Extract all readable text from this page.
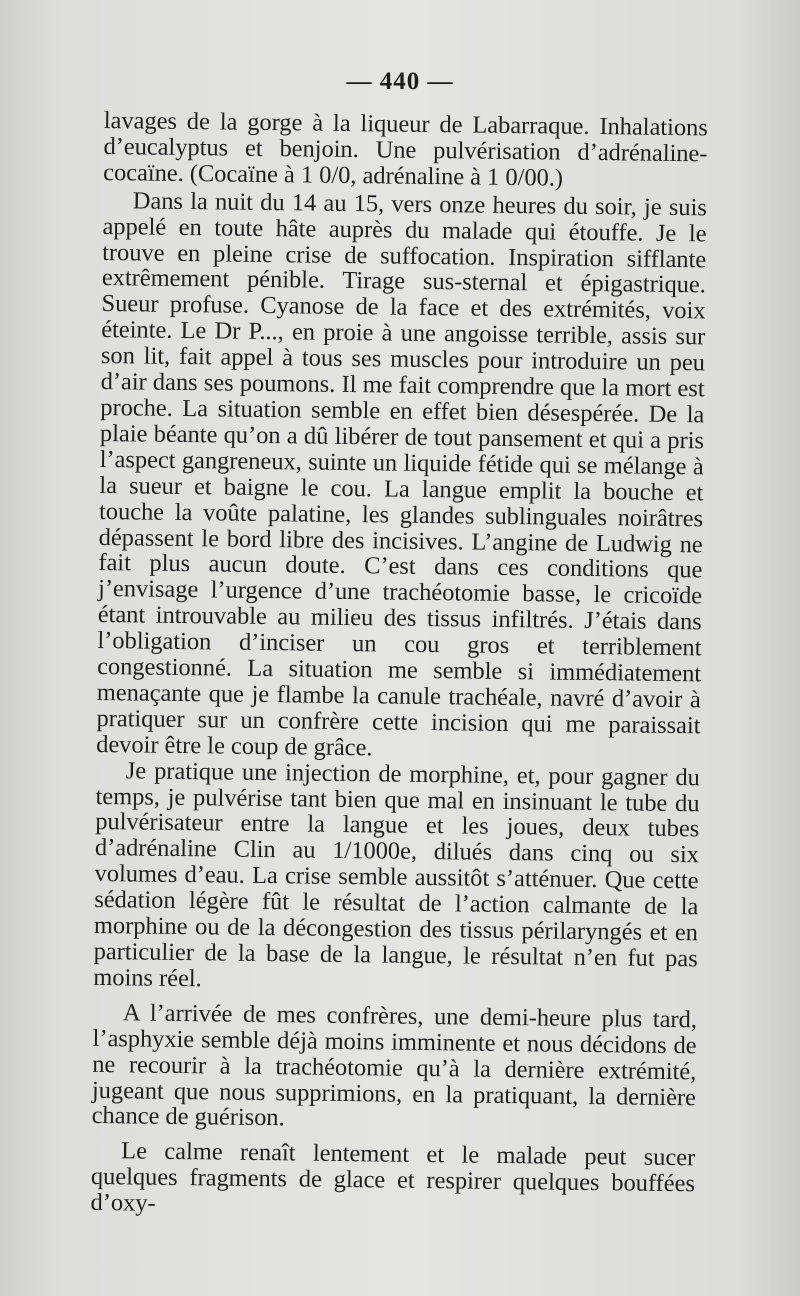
— 440 —

lavages de la gorge à la liqueur de Labarraque. Inhalations d’eucalyptus et benjoin. Une pulvérisation d’adrénaline-cocaïne. (Cocaïne à 1 0/0, adrénaline à 1 0/00.)

Dans la nuit du 14 au 15, vers onze heures du soir, je suis appelé en toute hâte auprès du malade qui étouffe. Je le trouve en pleine crise de suffocation. Inspiration sifflante extrêmement pénible. Tirage sus-sternal et épigastrique. Sueur profuse. Cyanose de la face et des extrémités, voix éteinte. Le Dr P..., en proie à une angoisse terrible, assis sur son lit, fait appel à tous ses muscles pour introduire un peu d’air dans ses poumons. Il me fait comprendre que la mort est proche. La situation semble en effet bien désespérée. De la plaie béante qu’on a dû libérer de tout pansement et qui a pris l’aspect gangreneux, suinte un liquide fétide qui se mélange à la sueur et baigne le cou. La langue emplit la bouche et touche la voûte palatine, les glandes sublinguales noirâtres dépassent le bord libre des incisives. L’angine de Ludwig ne fait plus aucun doute. C’est dans ces conditions que j’envisage l’urgence d’une trachéotomie basse, le cricoïde étant introuvable au milieu des tissus infiltrés. J’étais dans l’obligation d’inciser un cou gros et terriblement congestionné. La situation me semble si immédiatement menaçante que je flambe la canule trachéale, navré d’avoir à pratiquer sur un confrère cette incision qui me paraissait devoir être le coup de grâce.

Je pratique une injection de morphine, et, pour gagner du temps, je pulvérise tant bien que mal en insinuant le tube du pulvérisateur entre la langue et les joues, deux tubes d’adrénaline Clin au 1/1000e, dilués dans cinq ou six volumes d’eau. La crise semble aussitôt s’atténuer. Que cette sédation légère fût le résultat de l’action calmante de la morphine ou de la décongestion des tissus périlaryngés et en particulier de la base de la langue, le résultat n’en fut pas moins réel.

A l’arrivée de mes confrères, une demi-heure plus tard, l’asphyxie semble déjà moins imminente et nous décidons de ne recourir à la trachéotomie qu’à la dernière extrémité, jugeant que nous supprimions, en la pratiquant, la dernière chance de guérison.

Le calme renaît lentement et le malade peut sucer quelques fragments de glace et respirer quelques bouffées d’oxy-
